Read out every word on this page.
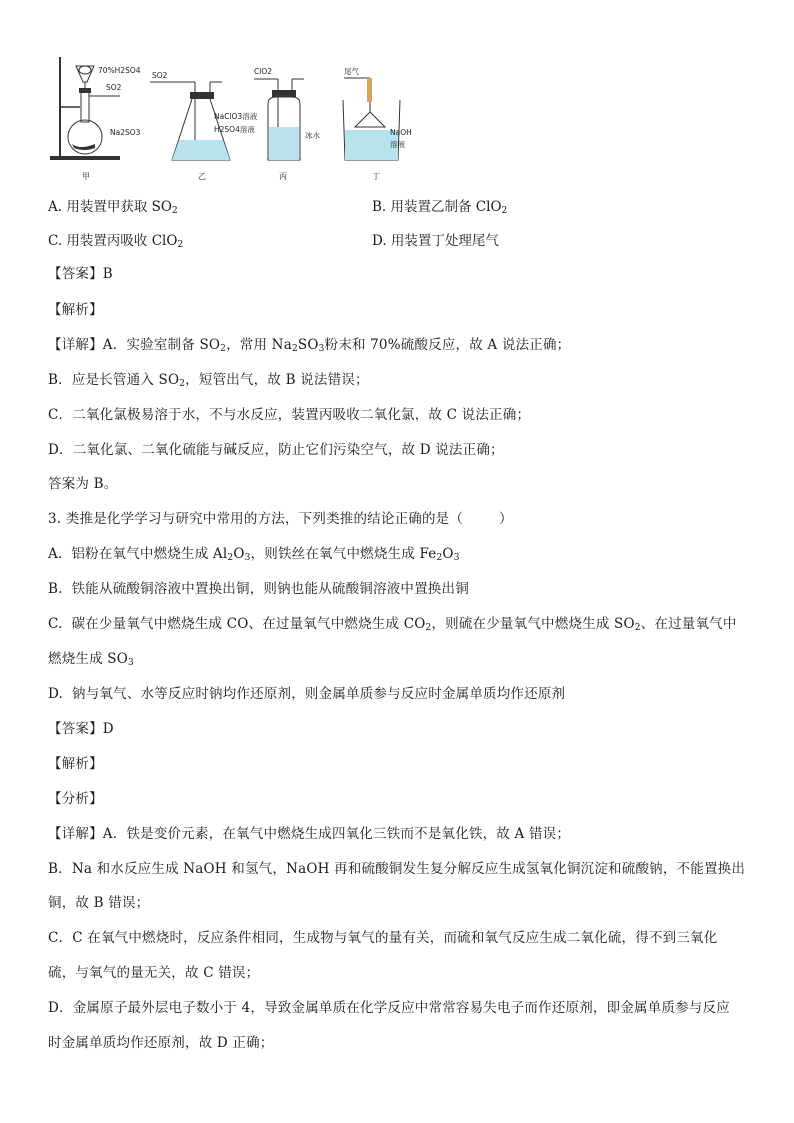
70%H2SO4
SO2
Na2SO3
甲
SO2
NaClO3溶液
H2SO4溶液
乙
ClO2
冰水
丙
尾气
NaOH
溶液
丁
A. 用装置甲获取 $SO_2$	B. 用装置乙制备 ClO$_2$
C. 用装置丙吸收 ClO$_2$	D. 用装置丁处理尾气
【答案】B
【解析】
【详解】A．实验室制备 $SO_2$，常用 $Na_2SO_3$粉末和 70%硫酸反应，故 A 说法正确；
B．应是长管通入 $SO_2$，短管出气，故 B 说法错误；
C．二氧化氯极易溶于水，不与水反应，装置丙吸收二氧化氯，故 C 说法正确；
D．二氧化氯、二氧化硫能与碱反应，防止它们污染空气，故 D 说法正确；
答案为 B。
3. 类推是化学学习与研究中常用的方法，下列类推的结论正确的是（        ）
A.  铝粉在氧气中燃烧生成 $Al_2O_3$，则铁丝在氧气中燃烧生成 $Fe_2O_3$
B.  铁能从硫酸铜溶液中置换出铜，则钠也能从硫酸铜溶液中置换出铜
C.  碳在少量氧气中燃烧生成 CO、在过量氧气中燃烧生成 $CO_2$，则硫在少量氧气中燃烧生成 $SO_2$、在过量氧气中
燃烧生成 $SO_3$
D.  钠与氧气、水等反应时钠均作还原剂，则金属单质参与反应时金属单质均作还原剂
【答案】D
【解析】
【分析】
【详解】A．铁是变价元素，在氧气中燃烧生成四氧化三铁而不是氧化铁，故 A 错误；
B．Na 和水反应生成 NaOH 和氢气，NaOH 再和硫酸铜发生复分解反应生成氢氧化铜沉淀和硫酸钠，不能置换出
铜，故 B 错误；
C．C 在氧气中燃烧时，反应条件相同，生成物与氧气的量有关，而硫和氧气反应生成二氧化硫，得不到三氧化
硫，与氧气的量无关，故 C 错误；
D．金属原子最外层电子数小于 4，导致金属单质在化学反应中常常容易失电子而作还原剂，即金属单质参与反应
时金属单质均作还原剂，故 D 正确；
